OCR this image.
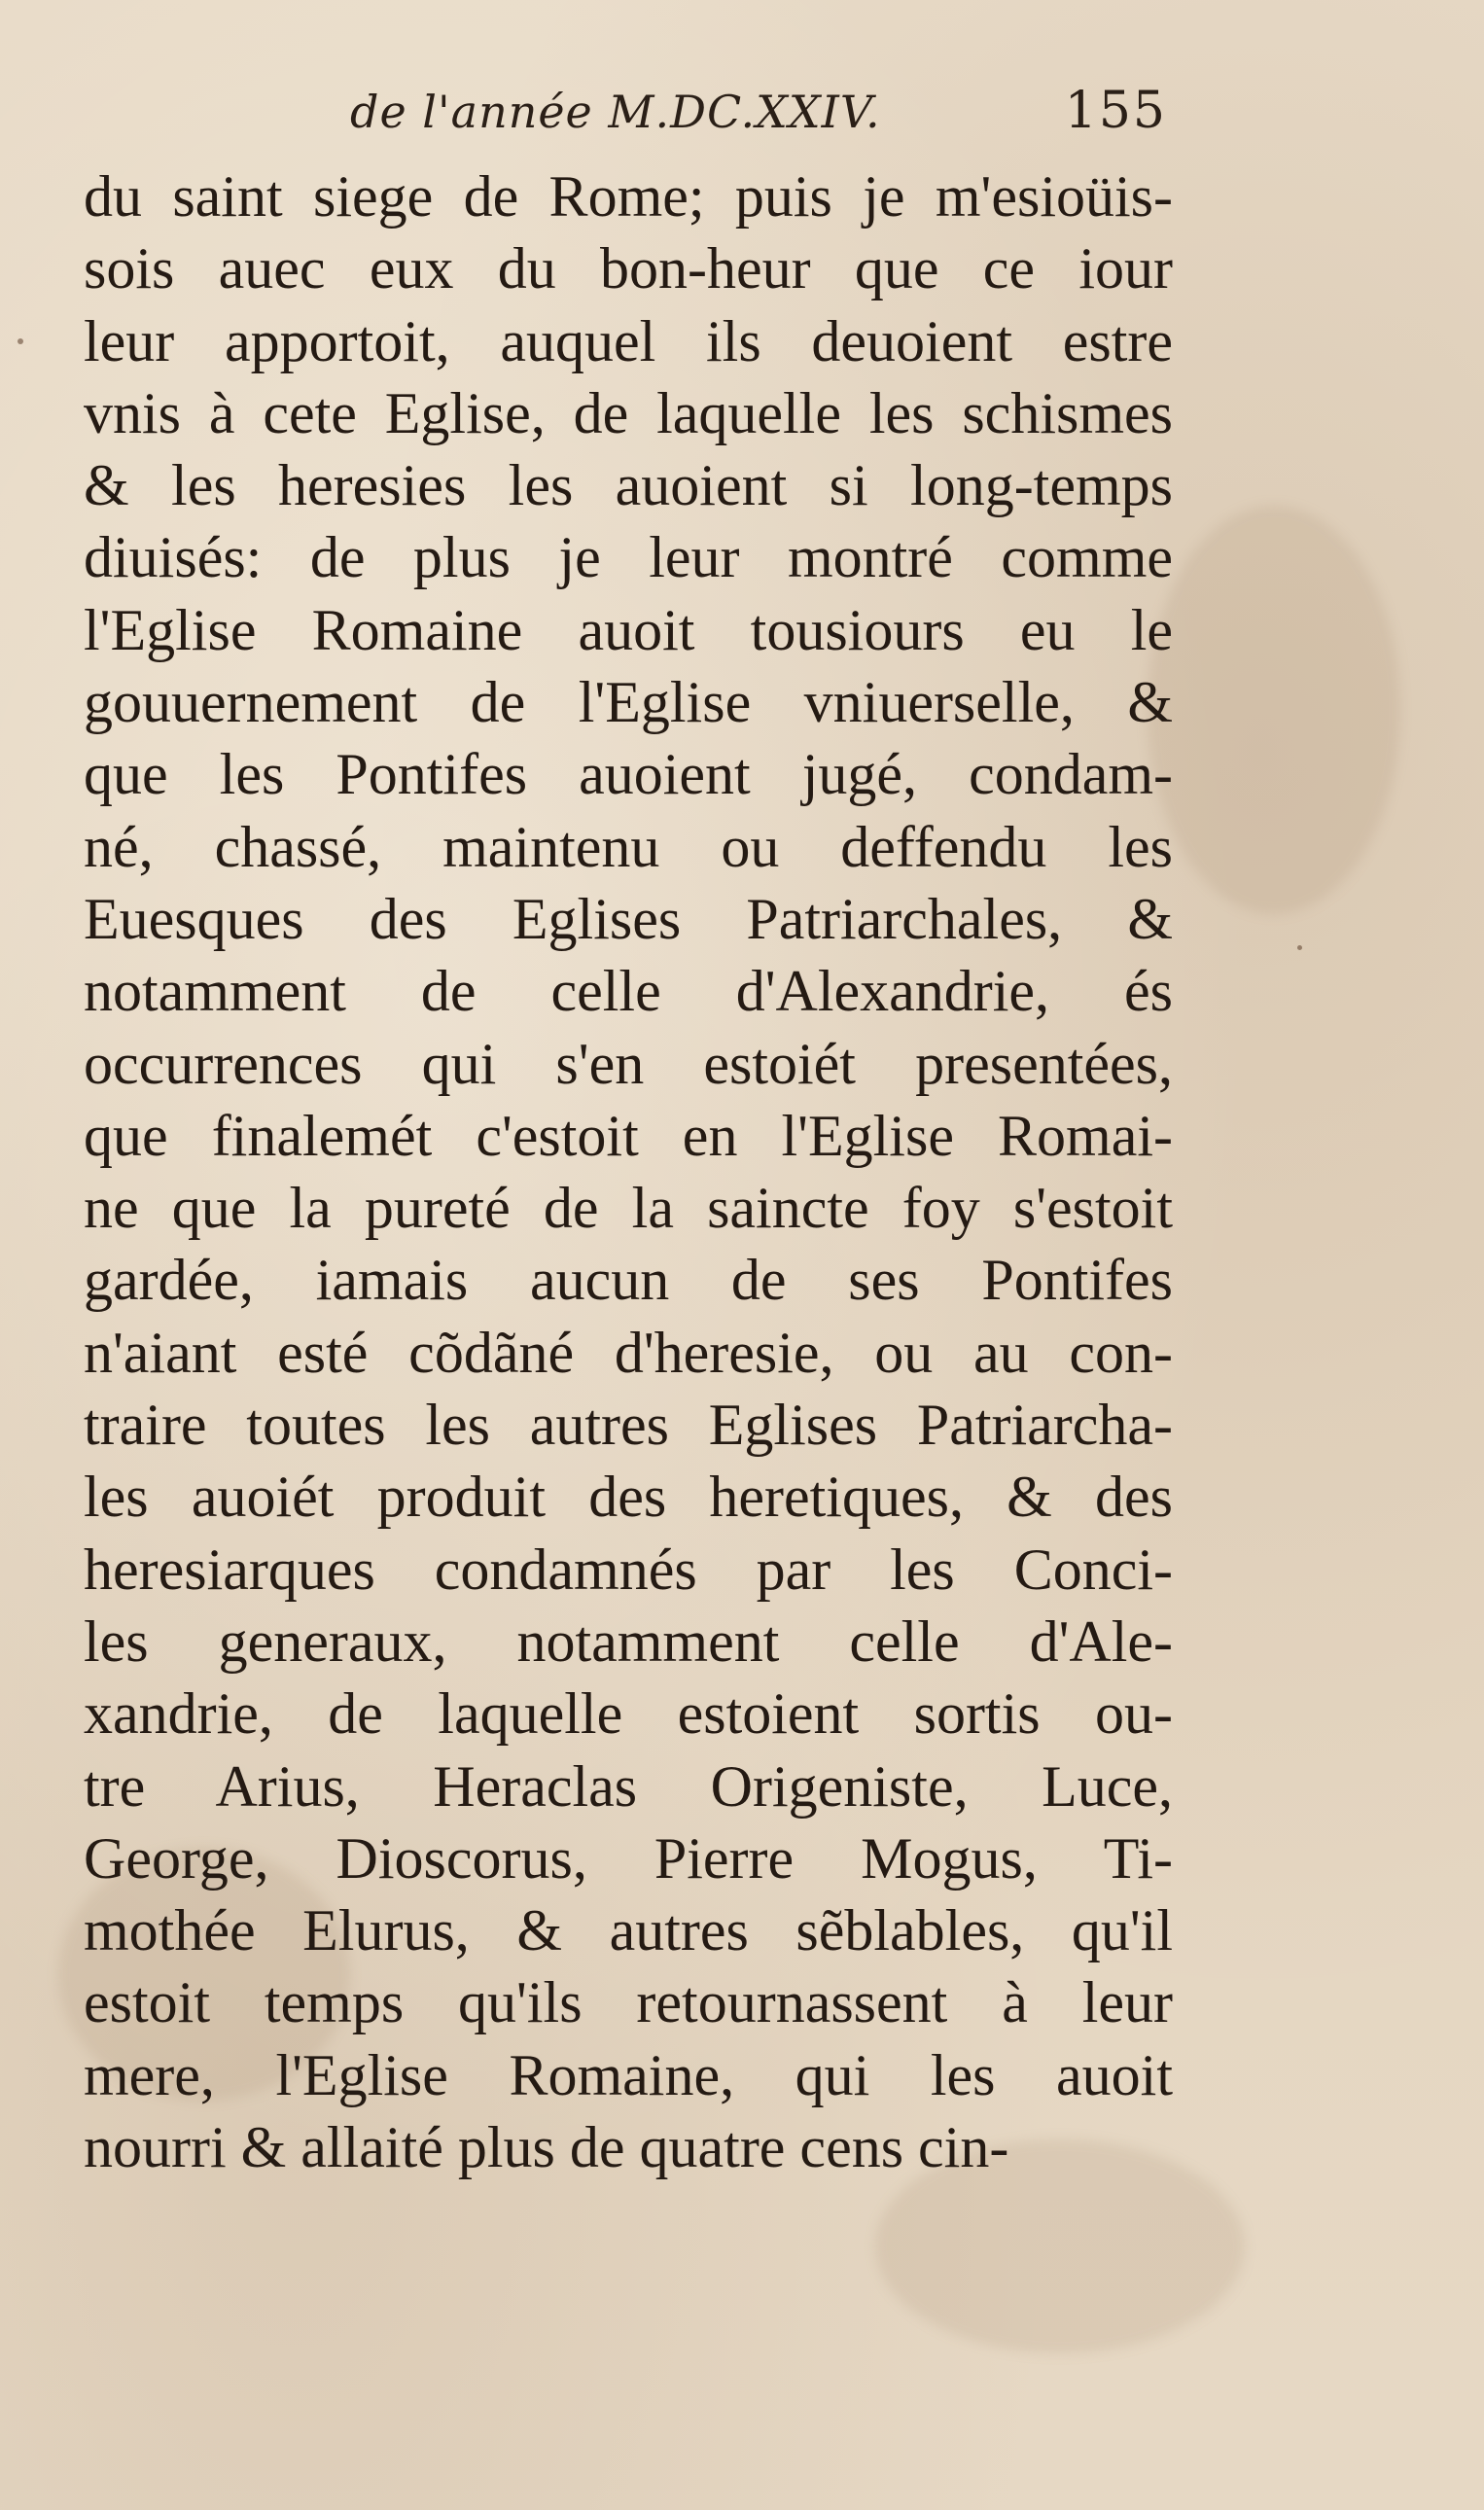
de l'année M.DC.XXIV.	155
du saint siege de Rome; puis je m'esioüis-
sois auec eux du bon-heur que ce iour
leur apportoit, auquel ils deuoient estre
vnis à cete Eglise, de laquelle les schismes
& les heresies les auoient si long-temps
diuisés: de plus je leur montré comme
l'Eglise Romaine auoit tousiours eu le
gouuernement de l'Eglise vniuerselle, &
que les Pontifes auoient jugé, condam-
né, chassé, maintenu ou deffendu les
Euesques des Eglises Patriarchales, &
notamment de celle d'Alexandrie, és
occurrences qui s'en estoiét presentées,
que finalemét c'estoit en l'Eglise Romai-
ne que la pureté de la saincte foy s'estoit
gardée, iamais aucun de ses Pontifes
n'aiant esté cõdãné d'heresie, ou au con-
traire toutes les autres Eglises Patriarcha-
les auoiét produit des heretiques, & des
heresiarques condamnés par les Conci-
les generaux, notamment celle d'Ale-
xandrie, de laquelle estoient sortis ou-
tre Arius, Heraclas Origeniste, Luce,
George, Dioscorus, Pierre Mogus, Ti-
mothée Elurus, & autres sẽblables, qu'il
estoit temps qu'ils retournassent à leur
mere, l'Eglise Romaine, qui les auoit
nourri & allaité plus de quatre cens cin-
